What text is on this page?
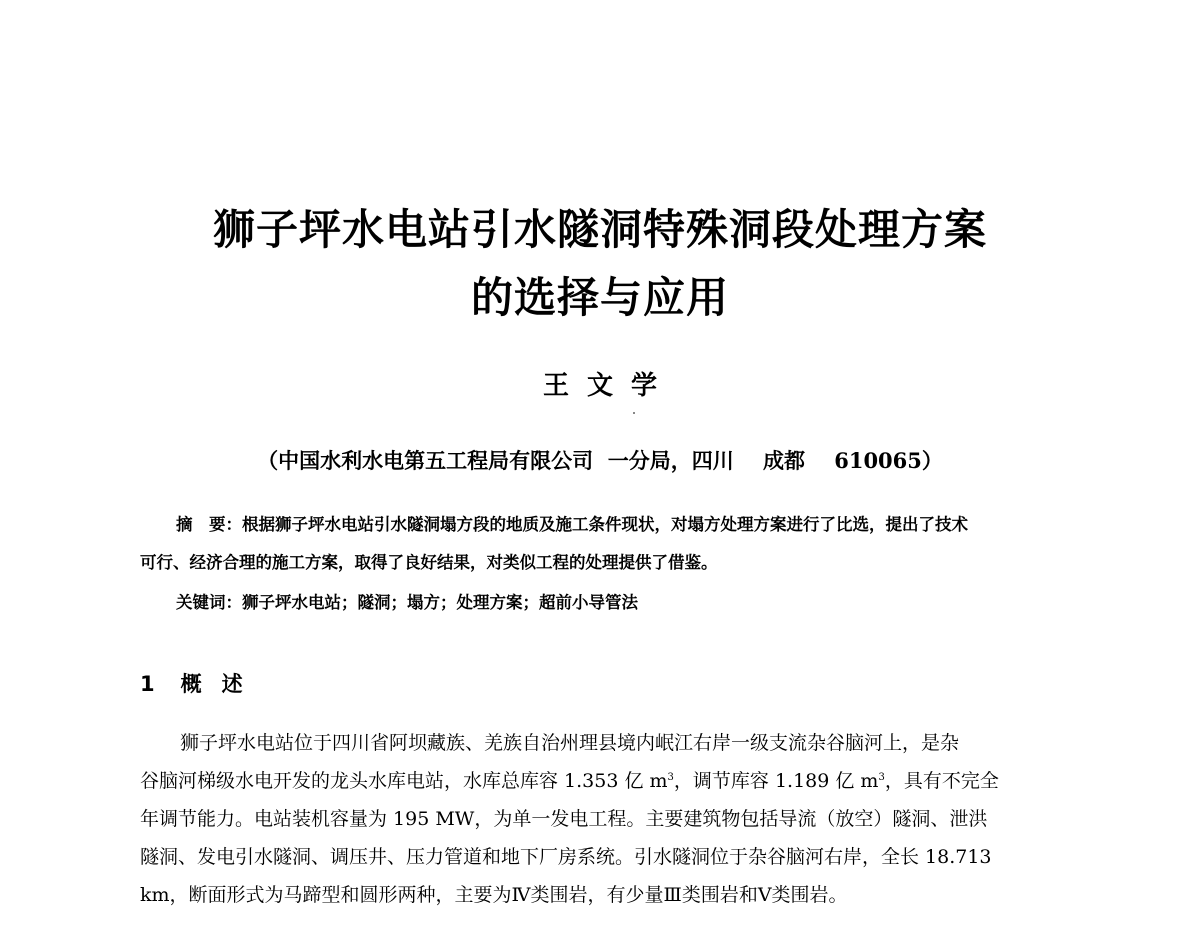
狮子坪水电站引水隧洞特殊洞段处理方案
的选择与应用
王文学
（中国水利水电第五工程局有限公司  一分局，四川    成都    610065）
摘　要：根据狮子坪水电站引水隧洞塌方段的地质及施工条件现状，对塌方处理方案进行了比选，提出了技术
可行、经济合理的施工方案，取得了良好结果，对类似工程的处理提供了借鉴。
关键词：狮子坪水电站；隧洞；塌方；处理方案；超前小导管法
1 概述
狮子坪水电站位于四川省阿坝藏族、羌族自治州理县境内岷江右岸一级支流杂谷脑河上，是杂
谷脑河梯级水电开发的龙头水库电站，水库总库容 1.353 亿 $m^3$，调节库容 1.189 亿 $m^3$，具有不完全
年调节能力。电站装机容量为 195 MW，为单一发电工程。主要建筑物包括导流（放空）隧洞、泄洪
隧洞、发电引水隧洞、调压井、压力管道和地下厂房系统。引水隧洞位于杂谷脑河右岸，全长 18.713
km，断面形式为马蹄型和圆形两种，主要为Ⅳ类围岩，有少量Ⅲ类围岩和Ⅴ类围岩。
